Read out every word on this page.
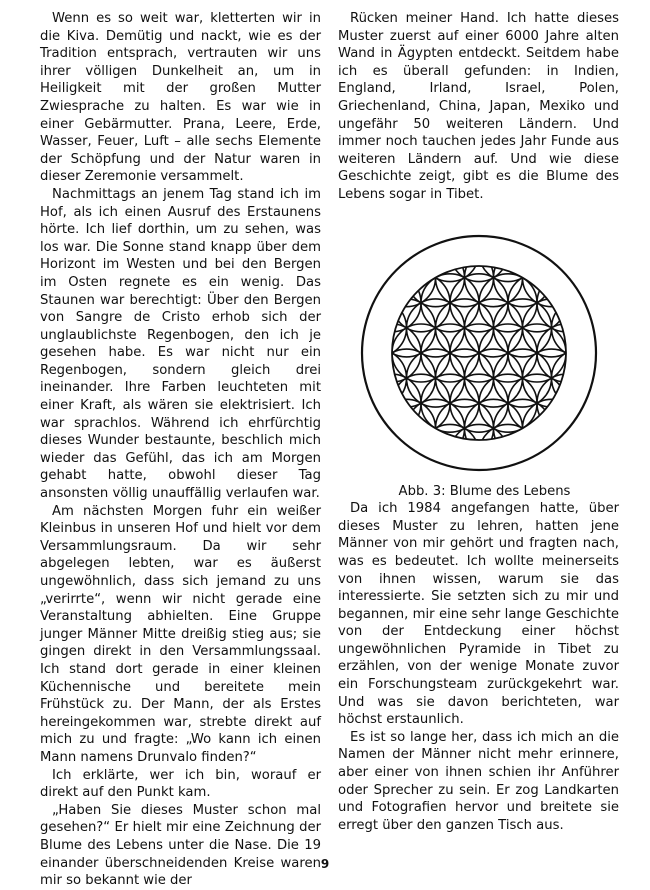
Wenn es so weit war, kletterten wir in die Kiva. Demütig und nackt, wie es der Tradition entsprach, vertrauten wir uns ihrer völligen Dunkelheit an, um in Heiligkeit mit der großen Mutter Zwiesprache zu halten. Es war wie in einer Gebärmutter. Prana, Leere, Erde, Wasser, Feuer, Luft – alle sechs Elemente der Schöpfung und der Natur waren in dieser Zeremonie versammelt.

Nachmittags an jenem Tag stand ich im Hof, als ich einen Ausruf des Erstaunens hörte. Ich lief dorthin, um zu sehen, was los war. Die Sonne stand knapp über dem Horizont im Westen und bei den Bergen im Osten regnete es ein wenig. Das Staunen war berechtigt: Über den Bergen von Sangre de Cristo erhob sich der unglaublichste Regenbogen, den ich je gesehen habe. Es war nicht nur ein Regenbogen, sondern gleich drei ineinander. Ihre Farben leuchteten mit einer Kraft, als wären sie elektrisiert. Ich war sprachlos. Während ich ehrfürchtig dieses Wunder bestaunte, beschlich mich wieder das Gefühl, das ich am Morgen gehabt hatte, obwohl dieser Tag ansonsten völlig unauffällig verlaufen war.

Am nächsten Morgen fuhr ein weißer Kleinbus in unseren Hof und hielt vor dem Versammlungsraum. Da wir sehr abgelegen lebten, war es äußerst ungewöhnlich, dass sich jemand zu uns „verirrte“, wenn wir nicht gerade eine Veranstaltung abhielten. Eine Gruppe junger Männer Mitte dreißig stieg aus; sie gingen direkt in den Versammlungssaal. Ich stand dort gerade in einer kleinen Küchennische und bereitete mein Frühstück zu. Der Mann, der als Erstes hereingekommen war, strebte direkt auf mich zu und fragte: „Wo kann ich einen Mann namens Drunvalo finden?“

Ich erklärte, wer ich bin, worauf er direkt auf den Punkt kam.

„Haben Sie dieses Muster schon mal gesehen?“ Er hielt mir eine Zeichnung der Blume des Lebens unter die Nase. Die 19 einander überschneidenden Kreise waren mir so bekannt wie der

Rücken meiner Hand. Ich hatte dieses Muster zuerst auf einer 6000 Jahre alten Wand in Ägypten entdeckt. Seitdem habe ich es überall gefunden: in Indien, England, Irland, Israel, Polen, Griechenland, China, Japan, Mexiko und ungefähr 50 weiteren Ländern. Und immer noch tauchen jedes Jahr Funde aus weiteren Ländern auf. Und wie diese Geschichte zeigt, gibt es die Blume des Lebens sogar in Tibet.

Abb. 3: Blume des Lebens

Da ich 1984 angefangen hatte, über dieses Muster zu lehren, hatten jene Männer von mir gehört und fragten nach, was es bedeutet. Ich wollte meinerseits von ihnen wissen, warum sie das interessierte. Sie setzten sich zu mir und begannen, mir eine sehr lange Geschichte von der Entdeckung einer höchst ungewöhnlichen Pyramide in Tibet zu erzählen, von der wenige Monate zuvor ein Forschungsteam zurückgekehrt war. Und was sie davon berichteten, war höchst erstaunlich.

Es ist so lange her, dass ich mich an die Namen der Männer nicht mehr erinnere, aber einer von ihnen schien ihr Anführer oder Sprecher zu sein. Er zog Landkarten und Fotografien hervor und breitete sie erregt über den ganzen Tisch aus.

9
